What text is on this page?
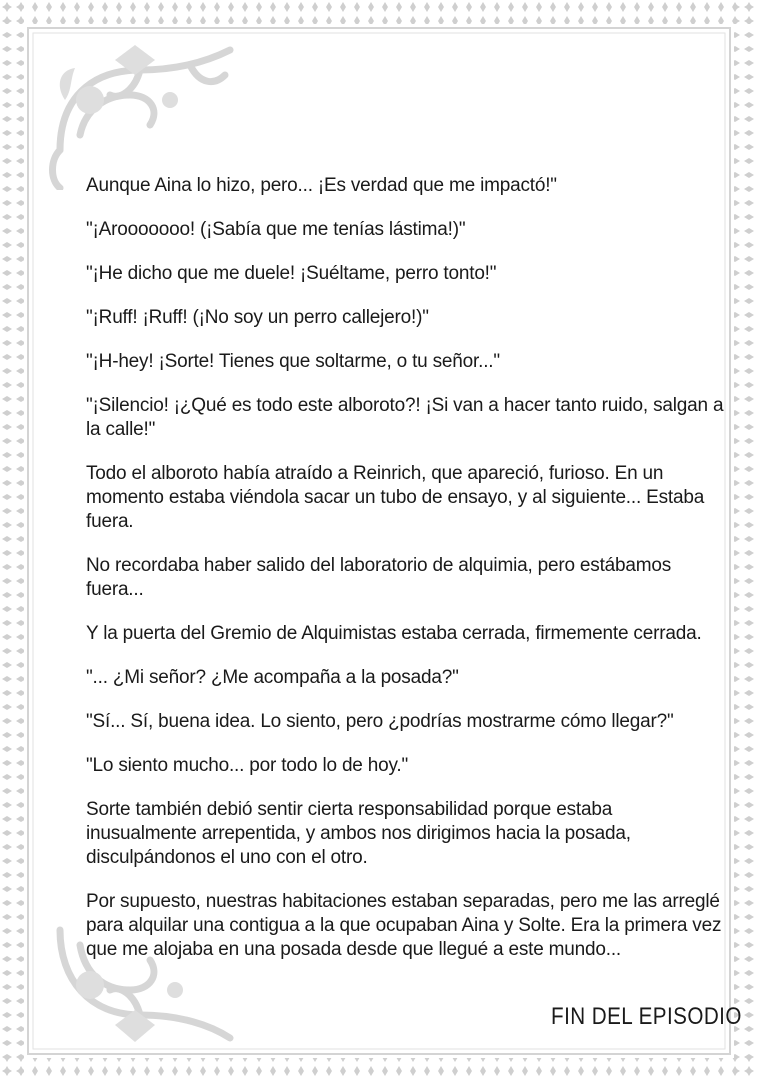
Aunque Aina lo hizo, pero... ¡Es verdad que me impactó!"

"¡Arooooooo! (¡Sabía que me tenías lástima!)"

"¡He dicho que me duele! ¡Suéltame, perro tonto!"

"¡Ruff! ¡Ruff! (¡No soy un perro callejero!)"

"¡H-hey! ¡Sorte! Tienes que soltarme, o tu señor..."

"¡Silencio! ¡¿Qué es todo este alboroto?! ¡Si van a hacer tanto ruido, salgan a la calle!"

Todo el alboroto había atraído a Reinrich, que apareció, furioso. En un momento estaba viéndola sacar un tubo de ensayo, y al siguiente... Estaba fuera.

No recordaba haber salido del laboratorio de alquimia, pero estábamos fuera...

Y la puerta del Gremio de Alquimistas estaba cerrada, firmemente cerrada.

"... ¿Mi señor? ¿Me acompaña a la posada?"

"Sí... Sí, buena idea. Lo siento, pero ¿podrías mostrarme cómo llegar?"

"Lo siento mucho... por todo lo de hoy."

Sorte también debió sentir cierta responsabilidad porque estaba inusualmente arrepentida, y ambos nos dirigimos hacia la posada, disculpándonos el uno con el otro.

Por supuesto, nuestras habitaciones estaban separadas, pero me las arreglé para alquilar una contigua a la que ocupaban Aina y Solte. Era la primera vez que me alojaba en una posada desde que llegué a este mundo...

FIN DEL EPISODIO
